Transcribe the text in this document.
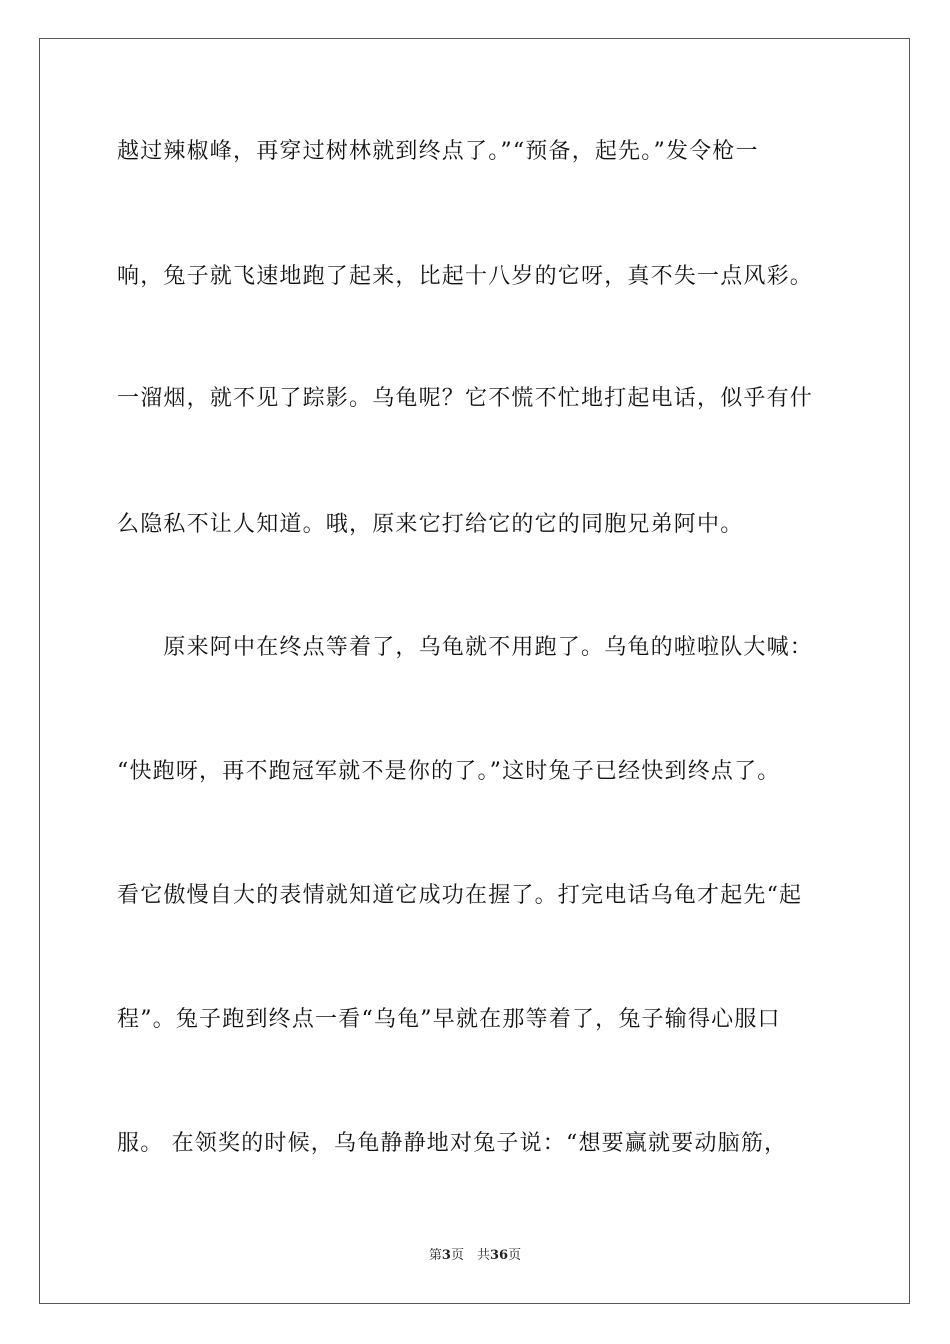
越过辣椒峰，再穿过树林就到终点了。”“预备，起先。”发令枪一
响，兔子就飞速地跑了起来，比起十八岁的它呀，真不失一点风彩。
一溜烟，就不见了踪影。乌龟呢？它不慌不忙地打起电话，似乎有什
么隐私不让人知道。哦，原来它打给它的它的同胞兄弟阿中。
　　原来阿中在终点等着了，乌龟就不用跑了。乌龟的啦啦队大喊：
“快跑呀，再不跑冠军就不是你的了。”这时兔子已经快到终点了。
看它傲慢自大的表情就知道它成功在握了。打完电话乌龟才起先“起
程”。兔子跑到终点一看“乌龟”早就在那等着了，兔子输得心服口
服。 在领奖的时候，乌龟静静地对兔子说：“想要赢就要动脑筋，
第3页　共36页
